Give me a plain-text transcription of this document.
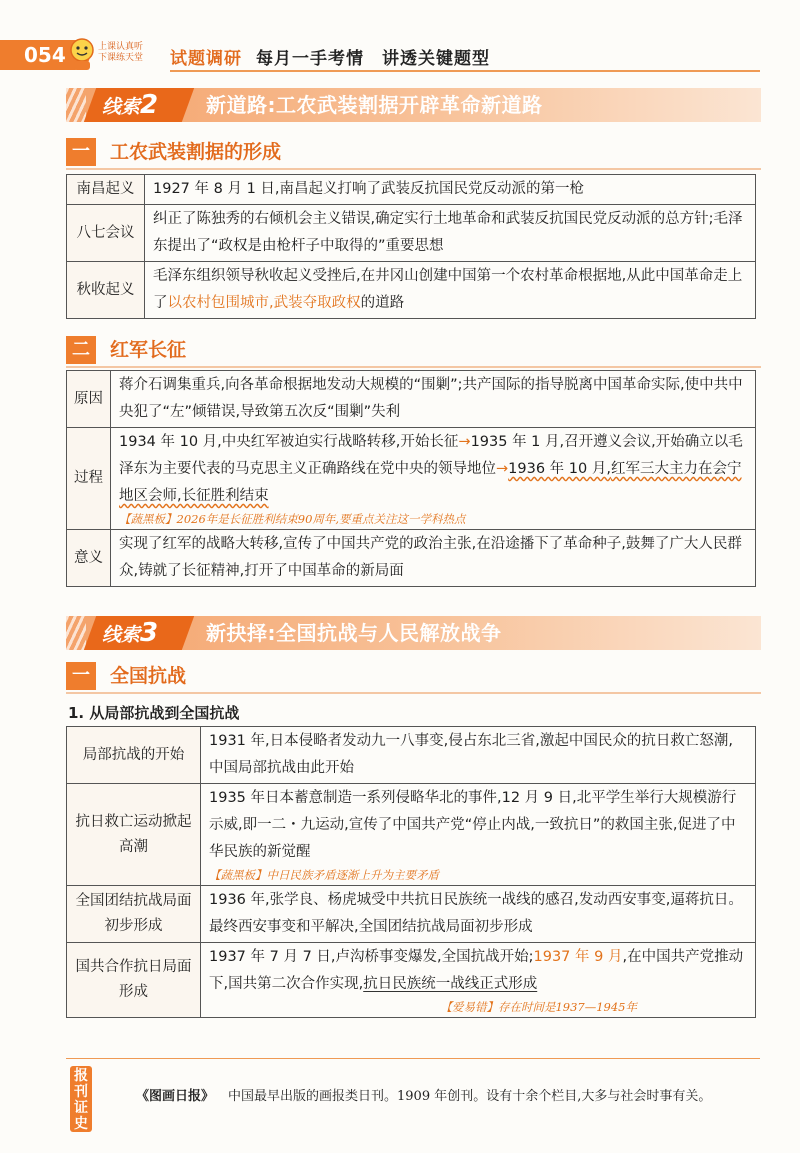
054	上课认真听
下课练天堂 试题调研 每月一手考情　讲透关键题型
线索2 新道路:工农武装割据开辟革命新道路
一	工农武装割据的形成
南昌起义	1927 年 8 月 1 日,南昌起义打响了武装反抗国民党反动派的第一枪
八七会议	纠正了陈独秀的右倾机会主义错误,确定实行土地革命和武装反抗国民党反动派的总方针;毛泽东提出了“政权是由枪杆子中取得的”重要思想
秋收起义	毛泽东组织领导秋收起义受挫后,在井冈山创建中国第一个农村革命根据地,从此中国革命走上了以农村包围城市,武装夺取政权的道路
二	红军长征
原因	蒋介石调集重兵,向各革命根据地发动大规模的“围剿”;共产国际的指导脱离中国革命实际,使中共中央犯了“左”倾错误,导致第五次反“围剿”失利
过程	1934 年 10 月,中央红军被迫实行战略转移,开始长征→1935 年 1 月,召开遵义会议,开始确立以毛泽东为主要代表的马克思主义正确路线在党中央的领导地位→1936 年 10 月,红军三大主力在会宁地区会师,长征胜利结束
【蔬黑板】2026年是长征胜利结束90周年,要重点关注这一学科热点

意义	实现了红军的战略大转移,宣传了中国共产党的政治主张,在沿途播下了革命种子,鼓舞了广大人民群众,铸就了长征精神,打开了中国革命的新局面
线索3 新抉择:全国抗战与人民解放战争
一	全国抗战
1. 从局部抗战到全国抗战
局部抗战的开始	1931 年,日本侵略者发动九一八事变,侵占东北三省,激起中国民众的抗日救亡怒潮,中国局部抗战由此开始
抗日救亡运动掀起高潮	1935 年日本蓄意制造一系列侵略华北的事件,12 月 9 日,北平学生举行大规模游行示威,即一二・九运动,宣传了中国共产党“停止内战,一致抗日”的救国主张,促进了中华民族的新觉醒
【蔬黑板】中日民族矛盾逐渐上升为主要矛盾

全国团结抗战局面初步形成	1936 年,张学良、杨虎城受中共抗日民族统一战线的感召,发动西安事变,逼蒋抗日。最终西安事变和平解决,全国团结抗战局面初步形成
国共合作抗日局面形成	1937 年 7 月 7 日,卢沟桥事变爆发,全国抗战开始;1937 年 9 月,在中国共产党推动下,国共第二次合作实现,抗日民族统一战线正式形成
【爱易错】存在时间是1937—1945年
报
刊
证
史
《图画日报》 中国最早出版的画报类日刊。1909 年创刊。设有十余个栏目,大多与社会时事有关。
